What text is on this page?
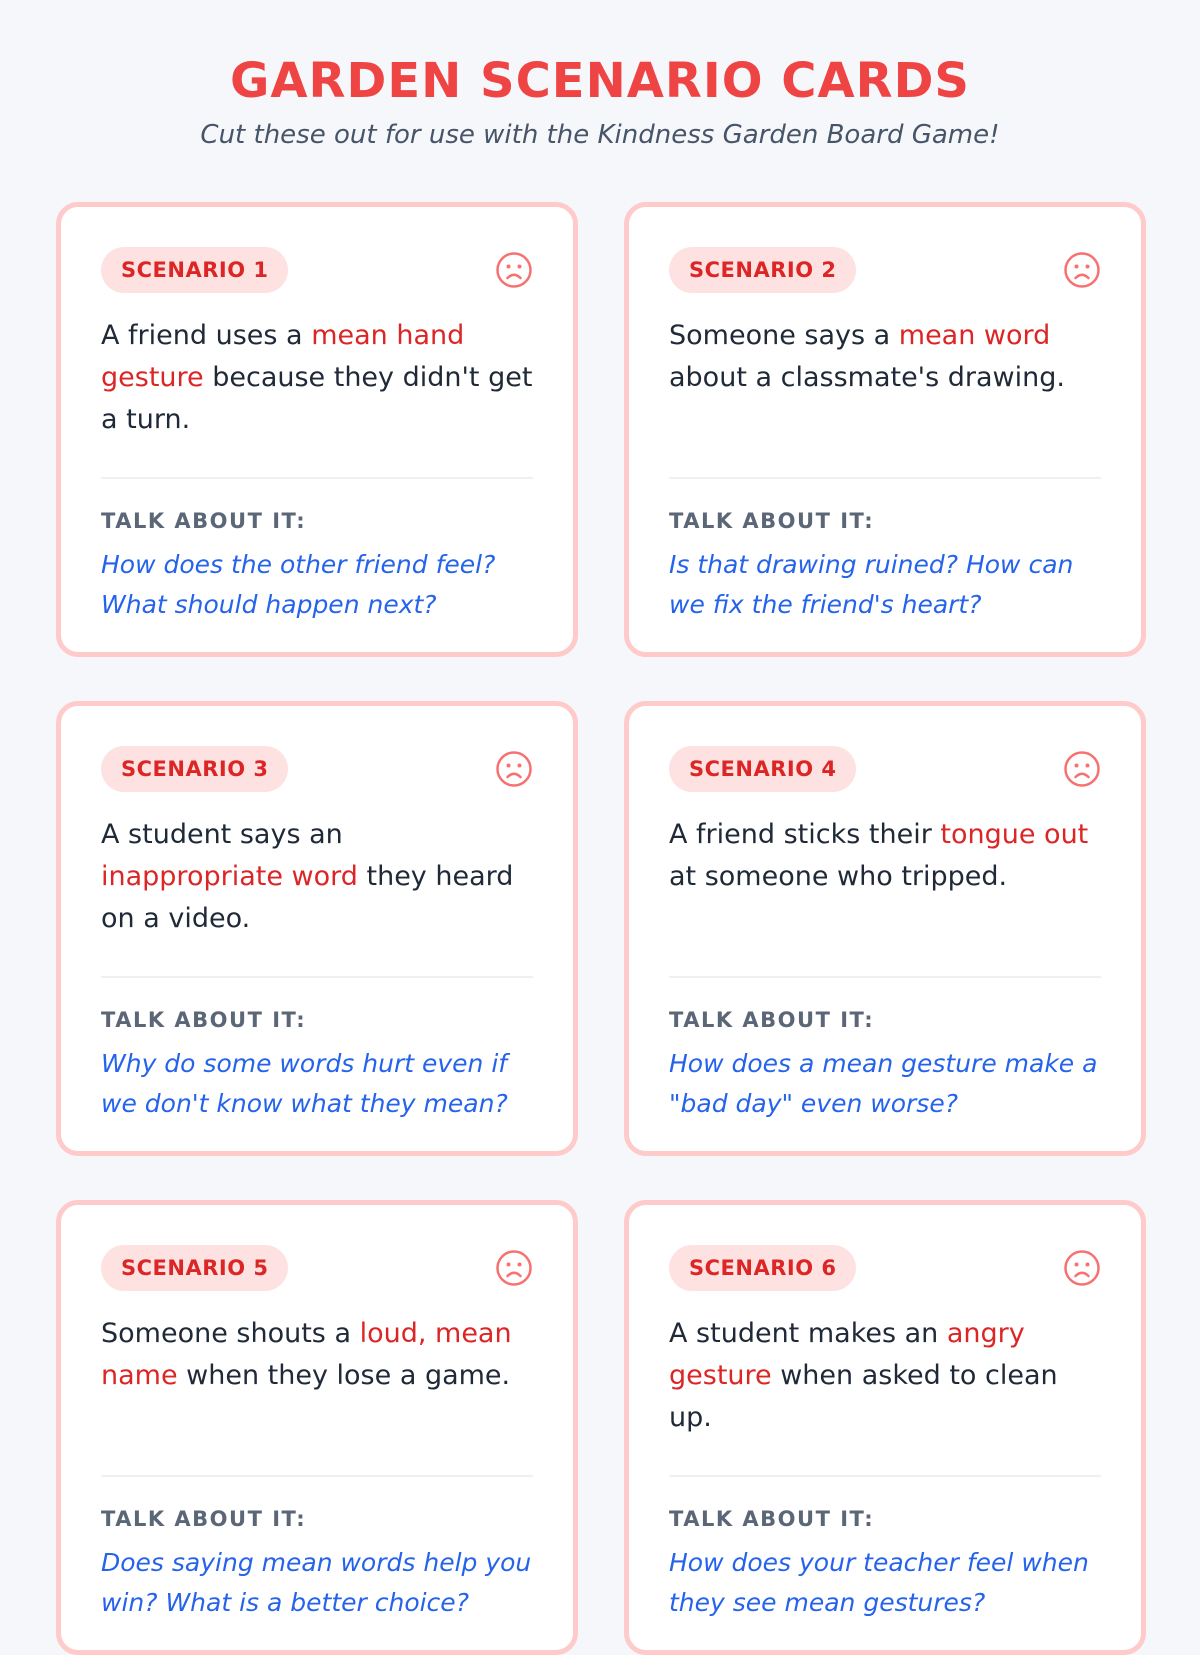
GARDEN SCENARIO CARDS

Cut these out for use with the Kindness Garden Board Game!

SCENARIO 1

A friend uses a mean hand gesture because they didn't get a turn.

TALK ABOUT IT:

How does the other friend feel? What should happen next?

SCENARIO 2

Someone says a mean word about a classmate's drawing.

TALK ABOUT IT:

Is that drawing ruined? How can we fix the friend's heart?

SCENARIO 3

A student says an inappropriate word they heard on a video.

TALK ABOUT IT:

Why do some words hurt even if we don't know what they mean?

SCENARIO 4

A friend sticks their tongue out at someone who tripped.

TALK ABOUT IT:

How does a mean gesture make a "bad day" even worse?

SCENARIO 5

Someone shouts a loud, mean name when they lose a game.

TALK ABOUT IT:

Does saying mean words help you win? What is a better choice?

SCENARIO 6

A student makes an angry gesture when asked to clean up.

TALK ABOUT IT:

How does your teacher feel when they see mean gestures?
